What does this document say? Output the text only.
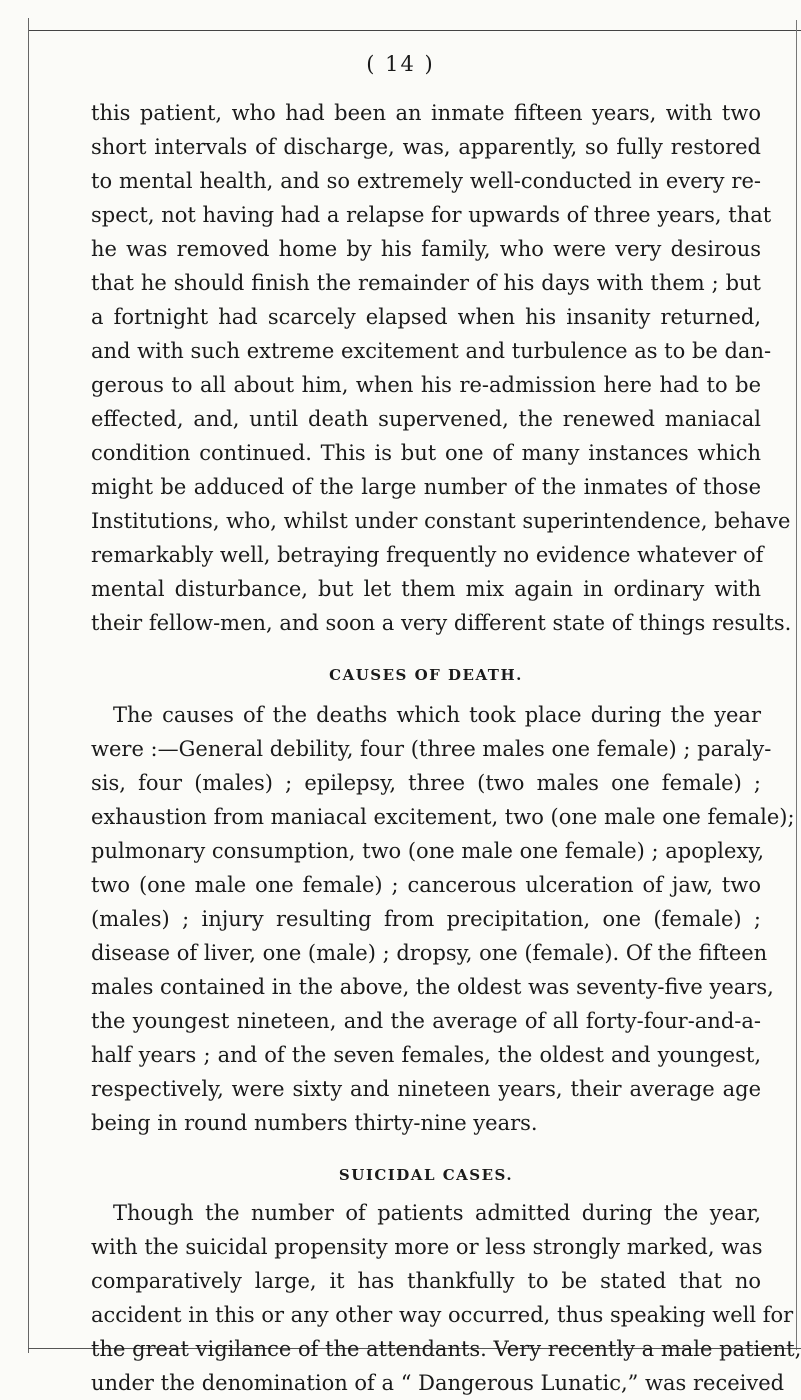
( 14 )
this patient, who had been an inmate fifteen years, with two
short intervals of discharge, was, apparently, so fully restored
to mental health, and so extremely well-conducted in every re-
spect, not having had a relapse for upwards of three years, that
he was removed home by his family, who were very desirous
that he should finish the remainder of his days with them ; but
a fortnight had scarcely elapsed when his insanity returned,
and with such extreme excitement and turbulence as to be dan-
gerous to all about him, when his re-admission here had to be
effected, and, until death supervened, the renewed maniacal
condition continued. This is but one of many instances which
might be adduced of the large number of the inmates of those
Institutions, who, whilst under constant superintendence, behave
remarkably well, betraying frequently no evidence whatever of
mental disturbance, but let them mix again in ordinary with
their fellow-men, and soon a very different state of things results.
CAUSES OF DEATH.
The causes of the deaths which took place during the year
were :—General debility, four (three males one female) ; paraly-
sis, four (males) ; epilepsy, three (two males one female) ;
exhaustion from maniacal excitement, two (one male one female);
pulmonary consumption, two (one male one female) ; apoplexy,
two (one male one female) ; cancerous ulceration of jaw, two
(males) ; injury resulting from precipitation, one (female) ;
disease of liver, one (male) ; dropsy, one (female). Of the fifteen
males contained in the above, the oldest was seventy-five years,
the youngest nineteen, and the average of all forty-four-and-a-
half years ; and of the seven females, the oldest and youngest,
respectively, were sixty and nineteen years, their average age
being in round numbers thirty-nine years.
SUICIDAL CASES.
Though the number of patients admitted during the year,
with the suicidal propensity more or less strongly marked, was
comparatively large, it has thankfully to be stated that no
accident in this or any other way occurred, thus speaking well for
the great vigilance of the attendants. Very recently a male patient,
under the denomination of a “ Dangerous Lunatic,” was received
